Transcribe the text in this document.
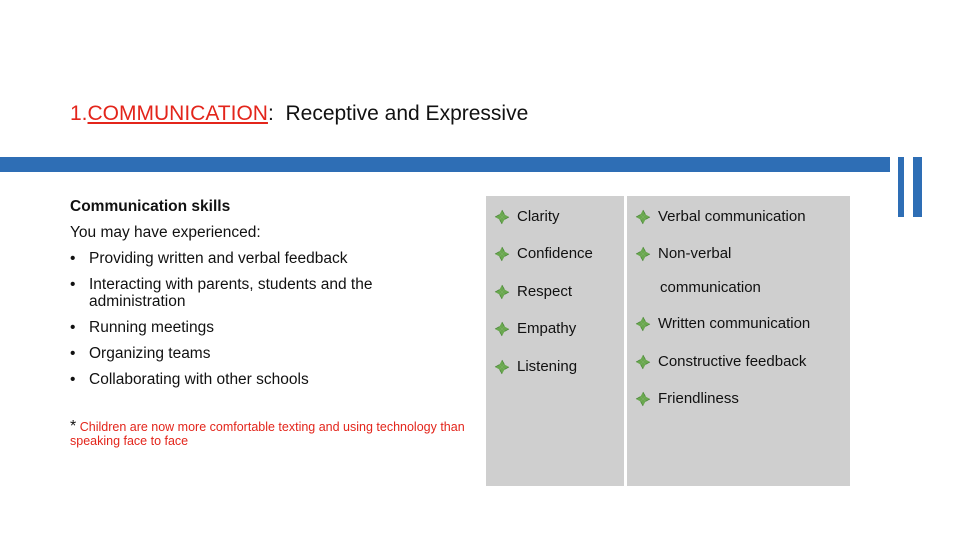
1.COMMUNICATION: Receptive and Expressive
Communication skills
You may have experienced:
• Providing written and verbal feedback
• Interacting with parents, students and the administration
• Running meetings
• Organizing teams
• Collaborating with other schools
* Children are now more comfortable texting and using technology than speaking face to face
Clarity
Confidence
Respect
Empathy
Listening
Verbal communication
Non-verbal
communication
Written communication
Constructive feedback
Friendliness
